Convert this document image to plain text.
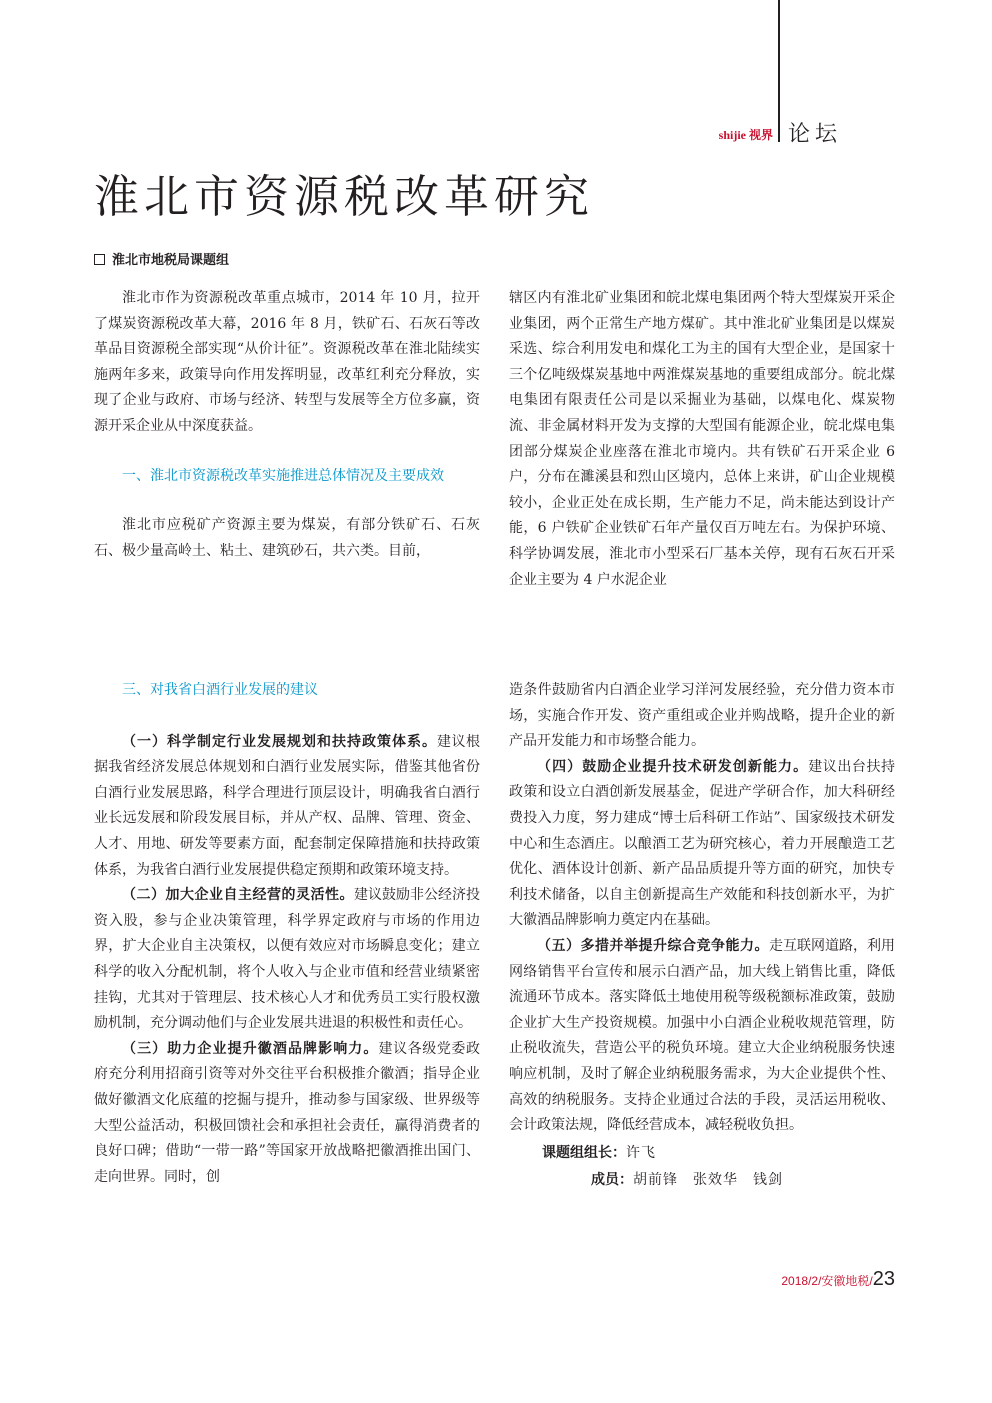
shijie 视界 论坛
淮北市资源税改革研究
淮北市地税局课题组

淮北市作为资源税改革重点城市，2014 年 10 月，拉开了煤炭资源税改革大幕，2016 年 8 月，铁矿石、石灰石等改革品目资源税全部实现“从价计征”。资源税改革在淮北陆续实施两年多来，政策导向作用发挥明显，改革红利充分释放，实现了企业与政府、市场与经济、转型与发展等全方位多赢，资源开采企业从中深度获益。

一、淮北市资源税改革实施推进总体情况及主要成效

淮北市应税矿产资源主要为煤炭，有部分铁矿石、石灰石、极少量高岭土、粘土、建筑砂石，共六类。目前，

辖区内有淮北矿业集团和皖北煤电集团两个特大型煤炭开采企业集团，两个正常生产地方煤矿。其中淮北矿业集团是以煤炭采选、综合利用发电和煤化工为主的国有大型企业，是国家十三个亿吨级煤炭基地中两淮煤炭基地的重要组成部分。皖北煤电集团有限责任公司是以采掘业为基础，以煤电化、煤炭物流、非金属材料开发为支撑的大型国有能源企业，皖北煤电集团部分煤炭企业座落在淮北市境内。共有铁矿石开采企业 6 户，分布在濉溪县和烈山区境内，总体上来讲，矿山企业规模较小，企业正处在成长期，生产能力不足，尚未能达到设计产能，6 户铁矿企业铁矿石年产量仅百万吨左右。为保护环境、科学协调发展，淮北市小型采石厂基本关停，现有石灰石开采企业主要为 4 户水泥企业

三、对我省白酒行业发展的建议

（一）科学制定行业发展规划和扶持政策体系。建议根据我省经济发展总体规划和白酒行业发展实际，借鉴其他省份白酒行业发展思路，科学合理进行顶层设计，明确我省白酒行业长远发展和阶段发展目标，并从产权、品牌、管理、资金、人才、用地、研发等要素方面，配套制定保障措施和扶持政策体系，为我省白酒行业发展提供稳定预期和政策环境支持。

（二）加大企业自主经营的灵活性。建议鼓励非公经济投资入股，参与企业决策管理，科学界定政府与市场的作用边界，扩大企业自主决策权，以便有效应对市场瞬息变化；建立科学的收入分配机制，将个人收入与企业市值和经营业绩紧密挂钩，尤其对于管理层、技术核心人才和优秀员工实行股权激励机制，充分调动他们与企业发展共进退的积极性和责任心。

（三）助力企业提升徽酒品牌影响力。建议各级党委政府充分利用招商引资等对外交往平台积极推介徽酒；指导企业做好徽酒文化底蕴的挖掘与提升，推动参与国家级、世界级等大型公益活动，积极回馈社会和承担社会责任，赢得消费者的良好口碑；借助“一带一路”等国家开放战略把徽酒推出国门、走向世界。同时，创

造条件鼓励省内白酒企业学习洋河发展经验，充分借力资本市场，实施合作开发、资产重组或企业并购战略，提升企业的新产品开发能力和市场整合能力。

（四）鼓励企业提升技术研发创新能力。建议出台扶持政策和设立白酒创新发展基金，促进产学研合作，加大科研经费投入力度，努力建成“博士后科研工作站”、国家级技术研发中心和生态酒庄。以酿酒工艺为研究核心，着力开展酿造工艺优化、酒体设计创新、新产品品质提升等方面的研究，加快专利技术储备，以自主创新提高生产效能和科技创新水平，为扩大徽酒品牌影响力奠定内在基础。

（五）多措并举提升综合竞争能力。走互联网道路，利用网络销售平台宣传和展示白酒产品，加大线上销售比重，降低流通环节成本。落实降低土地使用税等级税额标准政策，鼓励企业扩大生产投资规模。加强中小白酒企业税收规范管理，防止税收流失，营造公平的税负环境。建立大企业纳税服务快速响应机制，及时了解企业纳税服务需求，为大企业提供个性、高效的纳税服务。支持企业通过合法的手段，灵活运用税收、会计政策法规，降低经营成本，减轻税收负担。

课题组组长：许飞
成员：胡前锋　张效华　钱剑
2018/2/安徽地税/23
